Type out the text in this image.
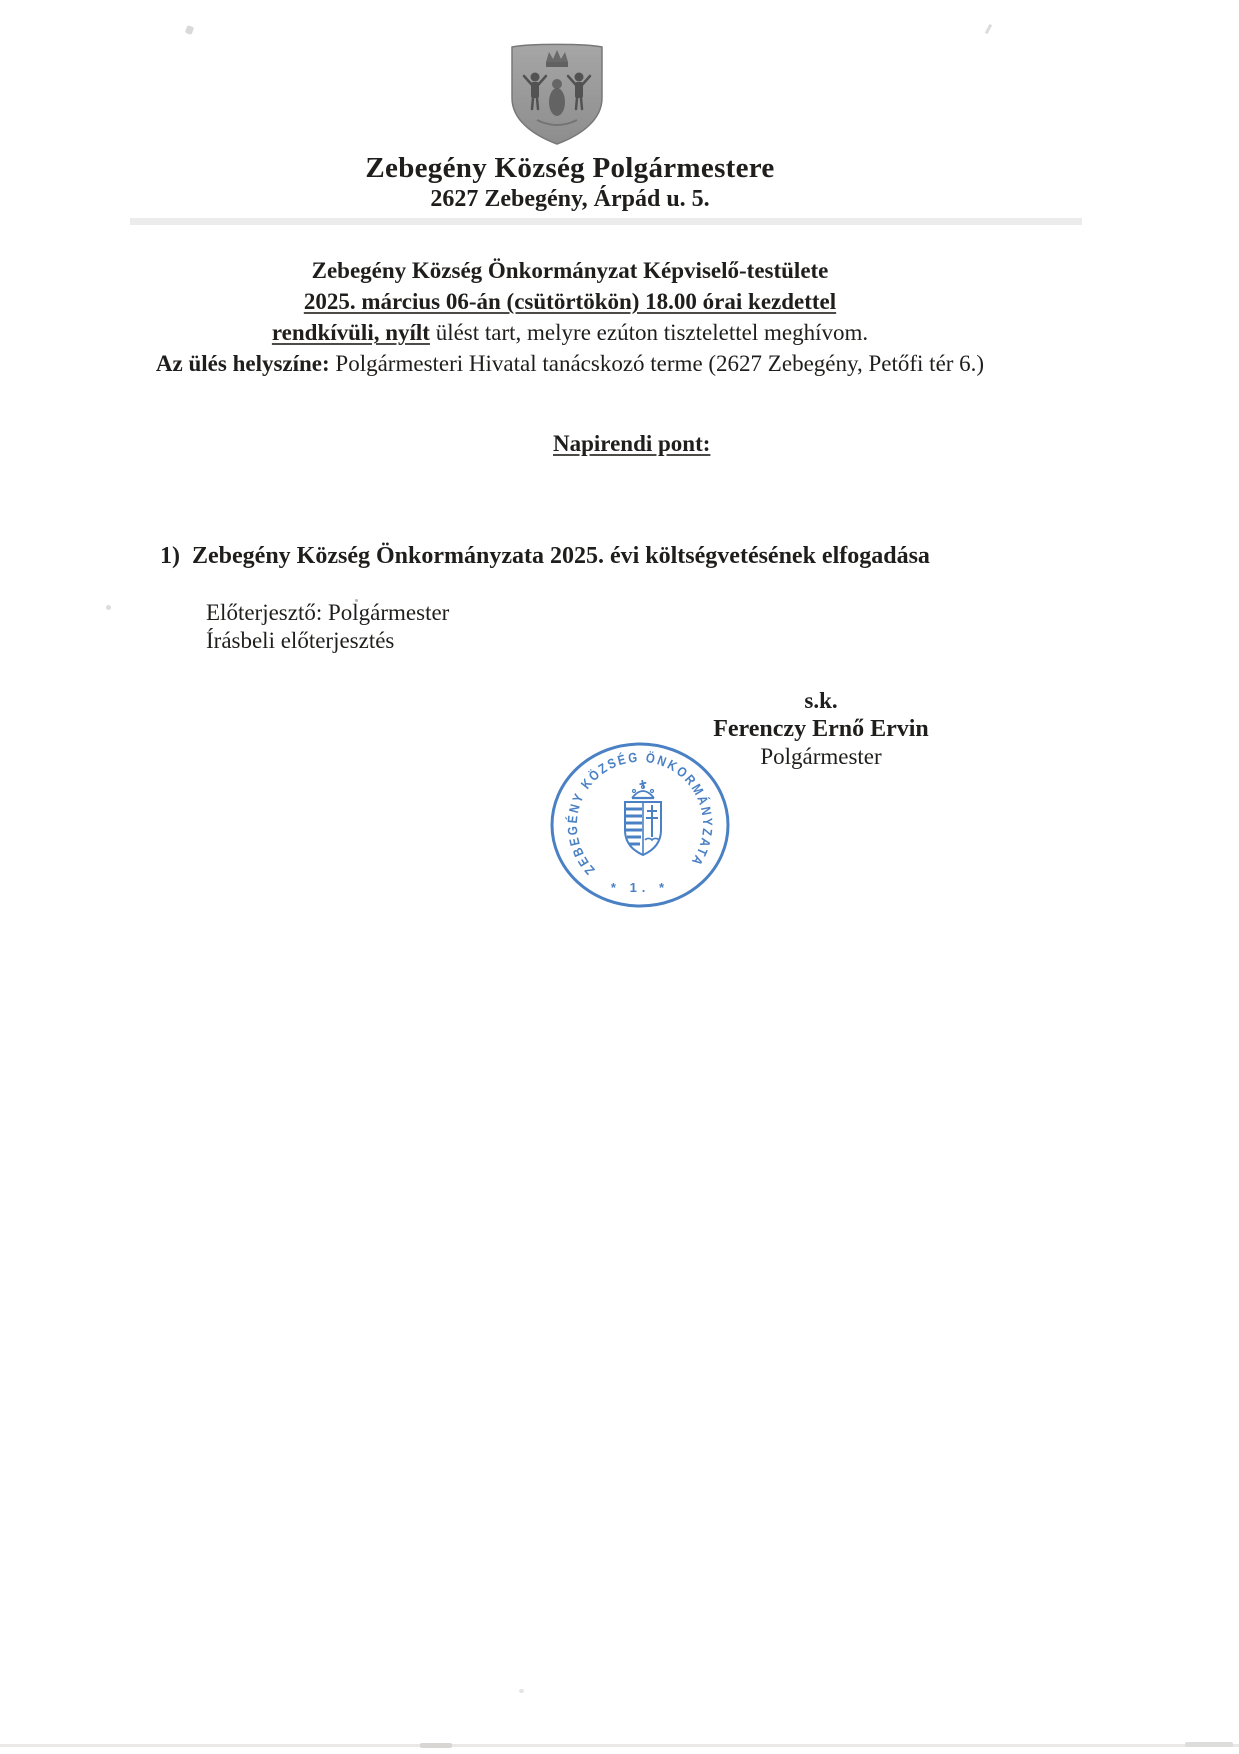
Zebegény Község Polgármestere
2627 Zebegény, Árpád u. 5.
Zebegény Község Önkormányzat Képviselő-testülete
2025. március 06-án (csütörtökön) 18.00 órai kezdettel
rendkívüli, nyílt ülést tart, melyre ezúton tisztelettel meghívom.
Az ülés helyszíne: Polgármesteri Hivatal tanácskozó terme (2627 Zebegény, Petőfi tér 6.)
Napirendi pont:
1) Zebegény Község Önkormányzata 2025. évi költségvetésének elfogadása
Előterjesztő: Polgármester
Írásbeli előterjesztés
s.k.
Ferenczy Ernő Ervin
Polgármester
ZEBEGÉNY KÖZSÉG ÖNKORMÁNYZATA
* 1. *
